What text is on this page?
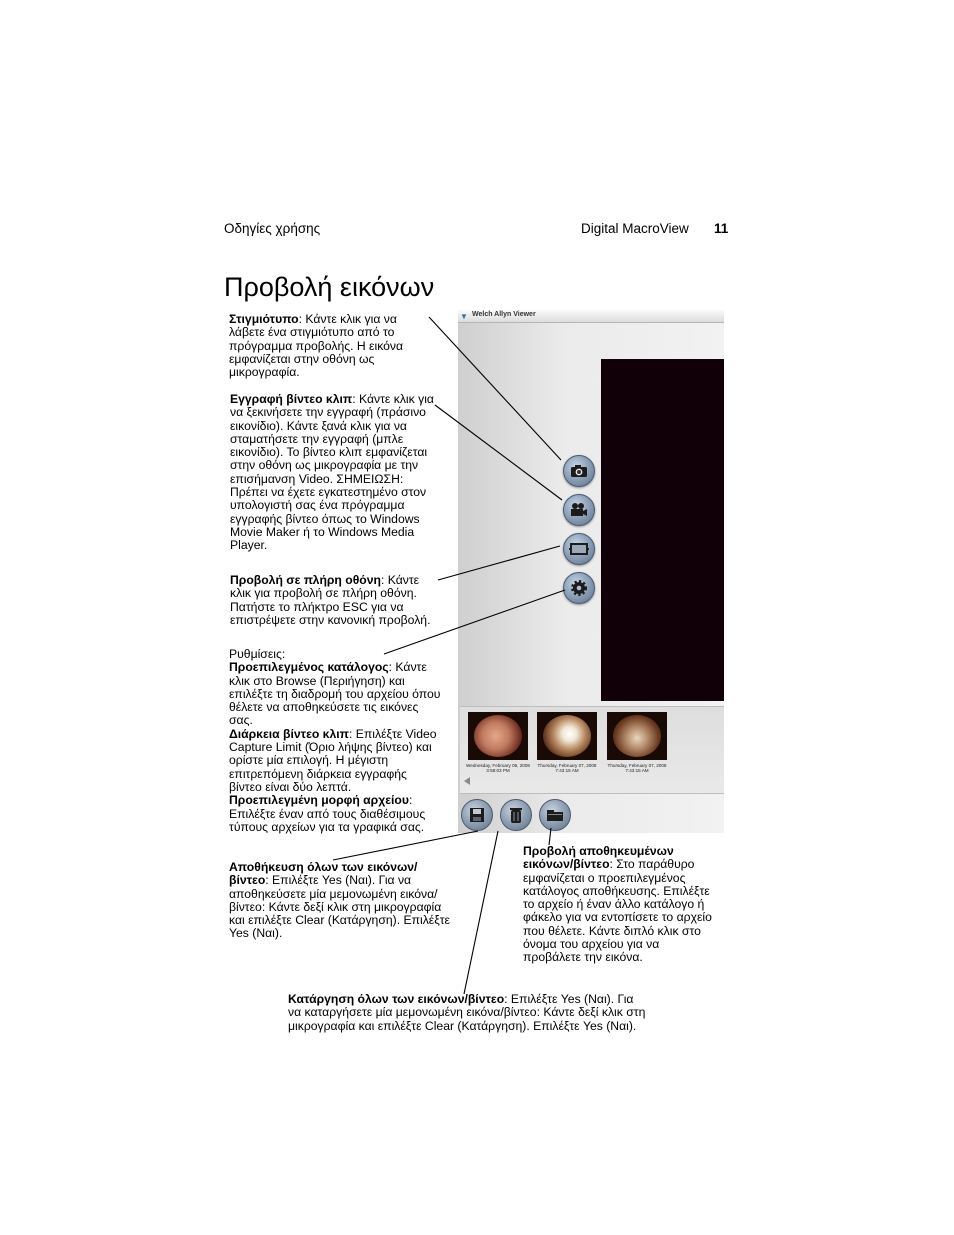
Οδηγίες χρήσης	Digital MacroView 11
Προβολή εικόνων
Στιγμιότυπο: Κάντε κλικ για να λάβετε ένα στιγμιότυπο από το πρόγραμμα προβολής. Η εικόνα εμφανίζεται στην οθόνη ως μικρογραφία.
Εγγραφή βίντεο κλιπ: Κάντε κλικ για να ξεκινήσετε την εγγραφή (πράσινο εικονίδιο). Κάντε ξανά κλικ για να σταματήσετε την εγγραφή (μπλε εικονίδιο). Το βίντεο κλιπ εμφανίζεται στην οθόνη ως μικρογραφία με την επισήμανση Video. ΣΗΜΕΙΩΣΗ: Πρέπει να έχετε εγκατεστημένο στον υπολογιστή σας ένα πρόγραμμα εγγραφής βίντεο όπως το Windows Movie Maker ή το Windows Media Player.
Προβολή σε πλήρη οθόνη: Κάντε κλικ για προβολή σε πλήρη οθόνη. Πατήστε το πλήκτρο ESC για να επιστρέψετε στην κανονική προβολή.
Ρυθμίσεις:
Προεπιλεγμένος κατάλογος: Κάντε κλικ στο Browse (Περιήγηση) και επιλέξτε τη διαδρομή του αρχείου όπου θέλετε να αποθηκεύσετε τις εικόνες σας.
Διάρκεια βίντεο κλιπ: Επιλέξτε Video Capture Limit (Όριο λήψης βίντεο) και ορίστε μία επιλογή. Η μέγιστη επιτρεπόμενη διάρκεια εγγραφής βίντεο είναι δύο λεπτά.
Προεπιλεγμένη μορφή αρχείου: Επιλέξτε έναν από τους διαθέσιμους τύπους αρχείων για τα γραφικά σας.
Αποθήκευση όλων των εικόνων/ βίντεο: Επιλέξτε Yes (Ναι). Για να αποθηκεύσετε μία μεμονωμένη εικόνα/βίντεο: Κάντε δεξί κλικ στη μικρογραφία και επιλέξτε Clear (Κατάργηση). Επιλέξτε Yes (Ναι).
Προβολή αποθηκευμένων εικόνων/βίντεο: Στο παράθυρο εμφανίζεται ο προεπιλεγμένος κατάλογος αποθήκευσης. Επιλέξτε το αρχείο ή έναν άλλο κατάλογο ή φάκελο για να εντοπίσετε το αρχείο που θέλετε. Κάντε διπλό κλικ στο όνομα του αρχείου για να προβάλετε την εικόνα.
Κατάργηση όλων των εικόνων/βίντεο: Επιλέξτε Yes (Ναι). Για να καταργήσετε μία μεμονωμένη εικόνα/βίντεο: Κάντε δεξί κλικ στη μικρογραφία και επιλέξτε Clear (Κατάργηση). Επιλέξτε Yes (Ναι).
▼ Welch Allyn Viewer
Wednesday, February 06, 2008
3:58:03 PM
Thursday, February 07, 2008
7:43:15 AM
Thursday, February 07, 2008
7:43:15 AM
